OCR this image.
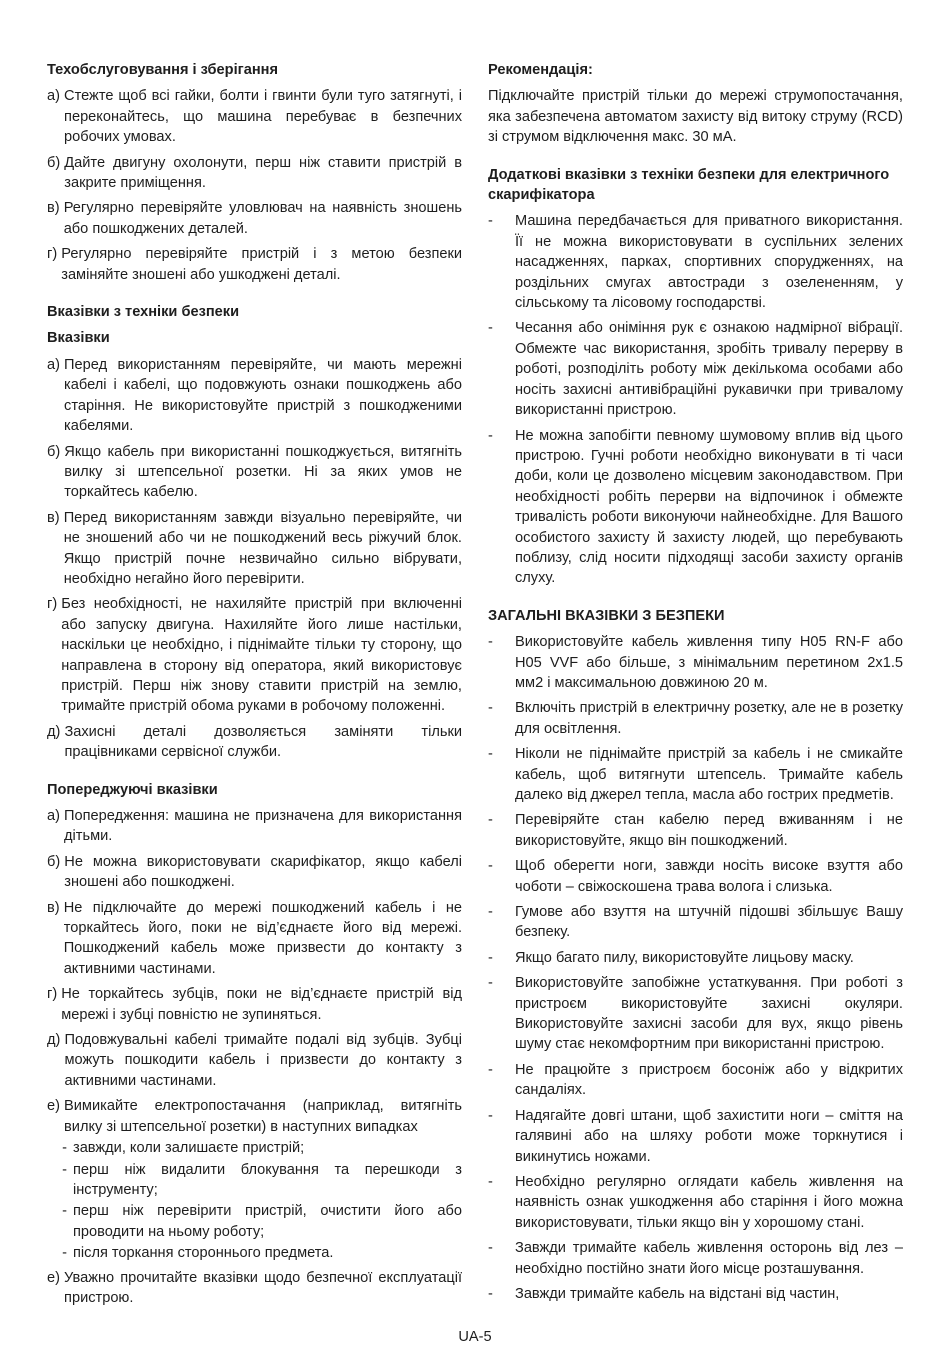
Техобслуговування і зберігання
а)
Стежте щоб всі гайки, болти і гвинти були туго затягнуті, і переконайтесь, що машина перебуває в безпечних робочих умовах.
б)
Дайте двигуну охолонути, перш ніж ставити пристрій в закрите приміщення.
в)
Регулярно перевіряйте уловлювач на наявність зношень або пошкоджених деталей.
г)
Регулярно перевіряйте пристрій і з метою безпеки заміняйте зношені або ушкоджені деталі.
Вказівки з техніки безпеки
Вказівки
а)
Перед використанням перевіряйте, чи мають мережні кабелі і кабелі, що подовжують ознаки пошкоджень або старіння. Не використовуйте пристрій з пошкодженими кабелями.
б)
Якщо кабель при використанні пошкоджується, витягніть вилку зі штепсельної розетки. Ні за яких умов не торкайтесь кабелю.
в)
Перед використанням завжди візуально перевіряйте, чи не зношений або чи не пошкоджений весь ріжучий блок. Якщо пристрій почне незвичайно сильно вібрувати, необхідно негайно його перевірити.
г)
Без необхідності, не нахиляйте пристрій при включенні або запуску двигуна. Нахиляйте його лише настільки, наскільки це необхідно, і піднімайте тільки ту сторону, що направлена в сторону від оператора, який використовує пристрій. Перш ніж знову ставити пристрій на землю, тримайте пристрій обома руками в робочому положенні.
д)
Захисні деталі дозволяється заміняти тільки працівниками сервісної служби.
Попереджуючі вказівки
а)
Попередження: машина не призначена для використання дітьми.
б)
Не можна використовувати скарифікатор, якщо кабелі зношені або пошкоджені.
в)
Не підключайте до мережі пошкоджений кабель і не торкайтесь його, поки не від’єднаєте його від мережі. Пошкоджений кабель може призвести до контакту з активними частинами.
г)
Не торкайтесь зубців, поки не від’єднаєте пристрій від мережі і зубці повністю не зупиняться.
д)
Подовжувальні кабелі тримайте подалі від зубців. Зубці можуть пошкодити кабель і призвести до контакту з активними частинами.
е)
Вимикайте електропостачання (наприклад, витягніть вилку зі штепсельної розетки) в наступних випадках
- завжди, коли залишаєте пристрій;
- перш ніж видалити блокування та перешкоди з інструменту;
- перш ніж перевірити пристрій, очистити його або проводити на ньому роботу;
- після торкання стороннього предмета.
е)
Уважно прочитайте вказівки щодо безпечної експлуатації пристрою.
Рекомендація:

Підключайте пристрій тільки до мережі струмопостачання, яка забезпечена автоматом захисту від витоку струму (RCD) зі струмом відключення макс. 30 мA.

Додаткові вказівки з техніки безпеки для електричного скарифікатора
-	Машина передбачається для приватного використання. Її не можна використовувати в суспільних зелених насадженнях, парках, спортивних спорудженнях, на роздільних смугах автостради з озелененням, у сільському та лісовому господарстві.
-	Чесання або оніміння рук є ознакою надмірної вібрації. Обмежте час використання, зробіть тривалу перерву в роботі, розподіліть роботу між декількома особами або носіть захисні антивібраційні рукавички при тривалому використанні пристрою.
-	Не можна запобігти певному шумовому вплив від цього пристрою. Гучні роботи необхідно виконувати в ті часи доби, коли це дозволено місцевим законодавством. При необхідності робіть перерви на відпочинок і обмежте тривалість роботи виконуючи найнеобхідне. Для Вашого особистого захисту й захисту людей, що перебувають поблизу, слід носити підходящі засоби захисту органів слуху.
ЗАГАЛЬНІ ВКАЗІВКИ З БЕЗПЕКИ
-	Використовуйте кабель живлення типу H05 RN-F або H05 VVF або більше, з мінімальним перетином 2х1.5 мм2 і максимальною довжиною 20 м.
-	Включіть пристрій в електричну розетку, але не в розетку для освітлення.
-	Ніколи не піднімайте пристрій за кабель і не смикайте кабель, щоб витягнути штепсель. Тримайте кабель далеко від джерел тепла, масла або гострих предметів.
-	Перевіряйте стан кабелю перед вживанням і не використовуйте, якщо він пошкоджений.
-	Щоб оберегти ноги, завжди носіть високе взуття або чоботи – свіжоскошена трава волога і слизька.
-	Гумове або взуття на штучній підошві збільшує Вашу безпеку.
-	Якщо багато пилу, використовуйте лицьову маску.
-	Використовуйте запобіжне устаткування. При роботі з пристроєм використовуйте захисні окуляри. Використовуйте захисні засоби для вух, якщо рівень шуму стає некомфортним при використанні пристрою.
-	Не працюйте з пристроєм босоніж або у відкритих сандаліях.
-	Надягайте довгі штани, щоб захистити ноги – сміття на галявині або на шляху роботи може торкнутися і викинутись ножами.
-	Необхідно регулярно оглядати кабель живлення на наявність ознак ушкодження або старіння і його можна використовувати, тільки якщо він у хорошому стані.
-	Завжди тримайте кабель живлення осторонь від лез – необхідно постійно знати його місце розташування.
-	Завжди тримайте кабель на відстані від частин,
UA-5
